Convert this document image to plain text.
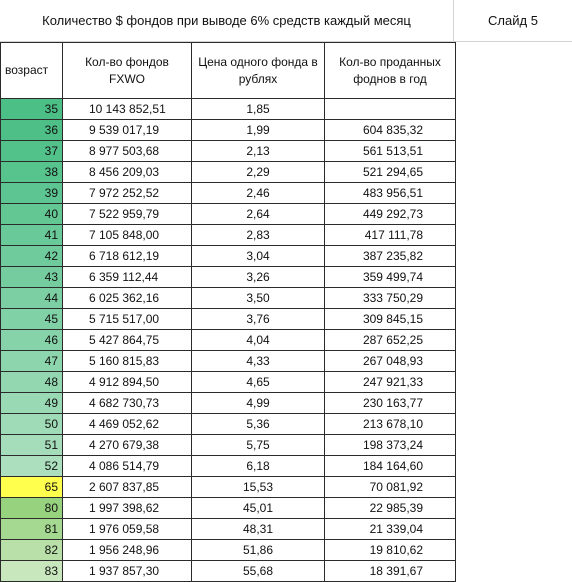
Количество $ фондов при выводе 6% средств каждый месяц	Слайд 5
возраст	Кол-во фондов FXWO	Цена одного фонда в рублях	Кол-во проданных фоднов в год
35	10 143 852,51	1,85	
36	9 539 017,19	1,99	604 835,32
37	8 977 503,68	2,13	561 513,51
38	8 456 209,03	2,29	521 294,65
39	7 972 252,52	2,46	483 956,51
40	7 522 959,79	2,64	449 292,73
41	7 105 848,00	2,83	417 111,78
42	6 718 612,19	3,04	387 235,82
43	6 359 112,44	3,26	359 499,74
44	6 025 362,16	3,50	333 750,29
45	5 715 517,00	3,76	309 845,15
46	5 427 864,75	4,04	287 652,25
47	5 160 815,83	4,33	267 048,93
48	4 912 894,50	4,65	247 921,33
49	4 682 730,73	4,99	230 163,77
50	4 469 052,62	5,36	213 678,10
51	4 270 679,38	5,75	198 373,24
52	4 086 514,79	6,18	184 164,60
65	2 607 837,85	15,53	70 081,92
80	1 997 398,62	45,01	22 985,39
81	1 976 059,58	48,31	21 339,04
82	1 956 248,96	51,86	19 810,62
83	1 937 857,30	55,68	18 391,67
